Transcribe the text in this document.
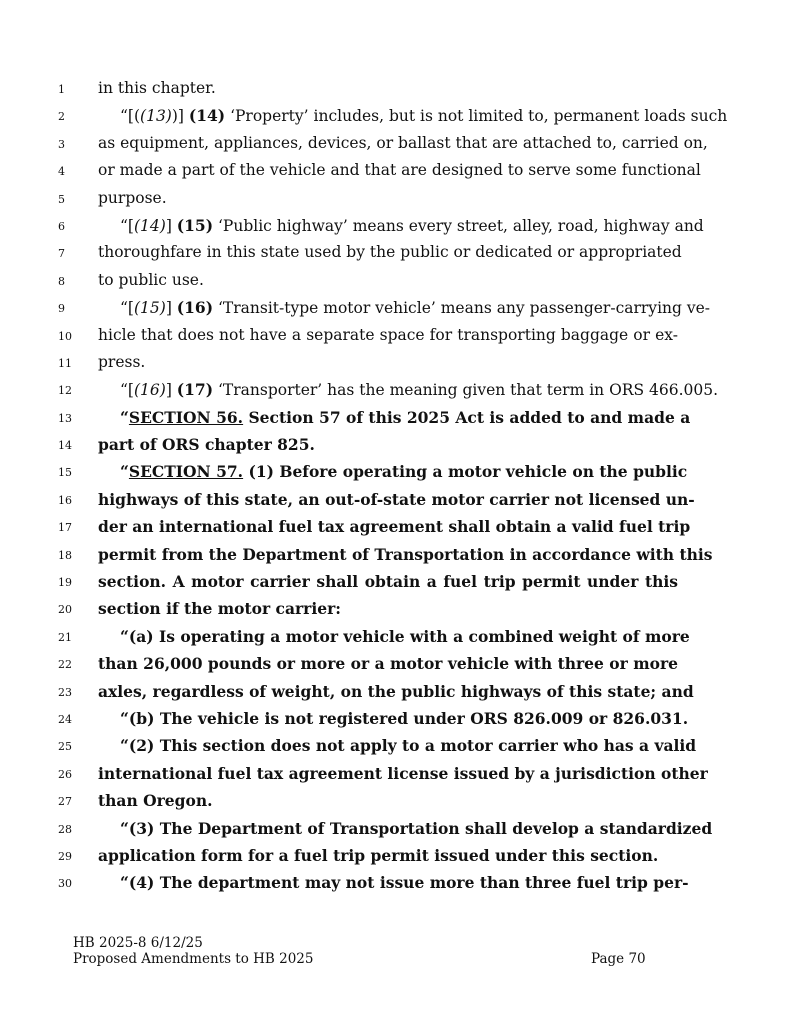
1	in this chapter.
2	“[((13))] (14) ‘Property’ includes, but is not limited to, permanent loads such
3	as equipment, appliances, devices, or ballast that are attached to, carried on,
4	or made a part of the vehicle and that are designed to serve some functional
5	purpose.
6	“[(14)] (15) ‘Public highway’ means every street, alley, road, highway and
7	thoroughfare in this state used by the public or dedicated or appropriated
8	to public use.
9	“[(15)] (16) ‘Transit-type motor vehicle’ means any passenger-carrying ve-
10	hicle that does not have a separate space for transporting baggage or ex-
11	press.
12	“[(16)] (17) ‘Transporter’ has the meaning given that term in ORS 466.005.
13	“SECTION 56. Section 57 of this 2025 Act is added to and made a
14	part of ORS chapter 825.
15	“SECTION 57. (1) Before operating a motor vehicle on the public
16	highways of this state, an out-of-state motor carrier not licensed un-
17	der an international fuel tax agreement shall obtain a valid fuel trip
18	permit from the Department of Transportation in accordance with this
19	section. A motor carrier shall obtain a fuel trip permit under this
20	section if the motor carrier:
21	“(a) Is operating a motor vehicle with a combined weight of more
22	than 26,000 pounds or more or a motor vehicle with three or more
23	axles, regardless of weight, on the public highways of this state; and
24	“(b) The vehicle is not registered under ORS 826.009 or 826.031.
25	“(2) This section does not apply to a motor carrier who has a valid
26	international fuel tax agreement license issued by a jurisdiction other
27	than Oregon.
28	“(3) The Department of Transportation shall develop a standardized
29	application form for a fuel trip permit issued under this section.
30	“(4) The department may not issue more than three fuel trip per-
HB 2025-8 6/12/25
Proposed Amendments to HB 2025	Page 70
